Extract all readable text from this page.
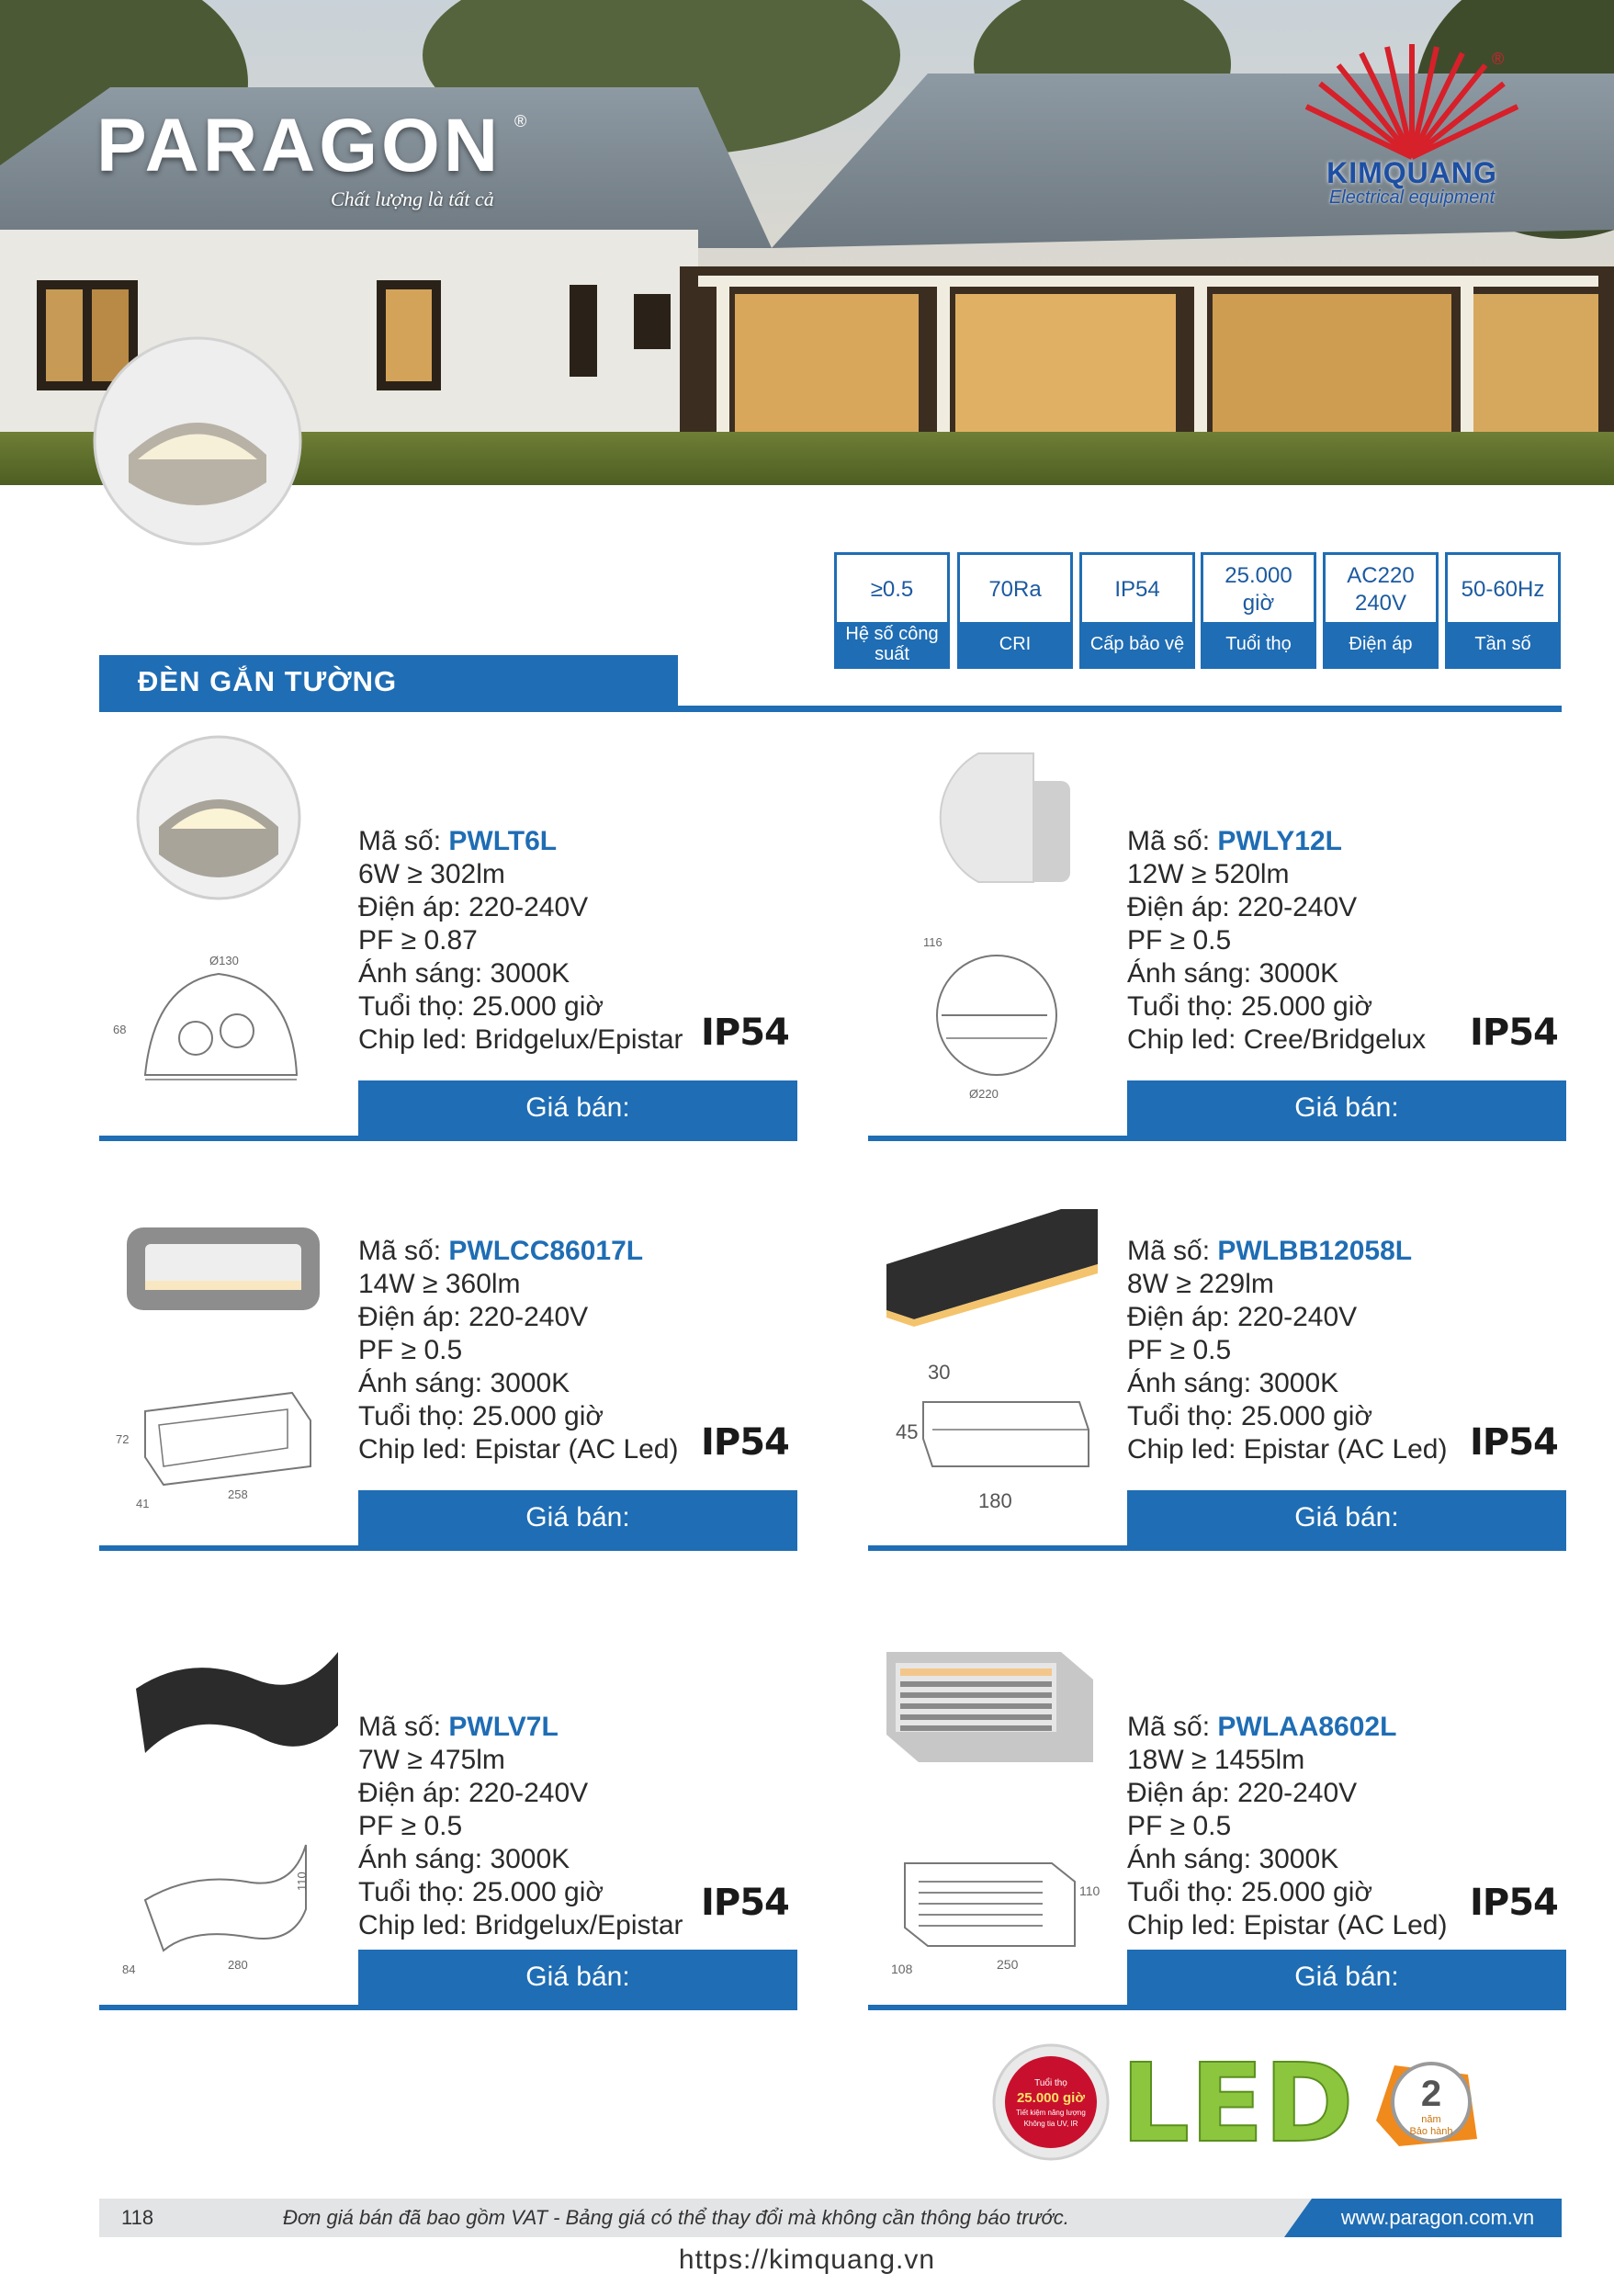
PARAGON ®
Chất lượng là tất cả
®
KIMQUANG
Electrical equipment
≥0.5
Hệ số công suất
70Ra
CRI
IP54
Cấp bảo vệ
25.000 giờ
Tuổi thọ
AC220 240V
Điện áp
50-60Hz
Tần số
ĐÈN GẮN TƯỜNG
Ø130
68
Mã số: PWLT6L
6W ≥ 302lm
Điện áp: 220-240V
PF ≥ 0.87
Ánh sáng: 3000K
Tuổi thọ: 25.000 giờ
Chip led: Bridgelux/Epistar IP54
Giá bán:
116
Ø220
Mã số: PWLY12L
12W ≥ 520lm
Điện áp: 220-240V
PF ≥ 0.5
Ánh sáng: 3000K
Tuổi thọ: 25.000 giờ
Chip led: Cree/Bridgelux IP54
Giá bán:
72
41
258
Mã số: PWLCC86017L
14W ≥ 360lm
Điện áp: 220-240V
PF ≥ 0.5
Ánh sáng: 3000K
Tuổi thọ: 25.000 giờ
Chip led: Epistar (AC Led) IP54
Giá bán:
30
45
180
Mã số: PWLBB12058L
8W ≥ 229lm
Điện áp: 220-240V
PF ≥ 0.5
Ánh sáng: 3000K
Tuổi thọ: 25.000 giờ
Chip led: Epistar (AC Led) IP54
Giá bán:
110
84	280
Mã số: PWLV7L
7W ≥ 475lm
Điện áp: 220-240V
PF ≥ 0.5
Ánh sáng: 3000K
Tuổi thọ: 25.000 giờ
Chip led: Bridgelux/Epistar
IP54
Giá bán:
110
108	250
Mã số: PWLAA8602L
18W ≥ 1455lm
Điện áp: 220-240V
PF ≥ 0.5
Ánh sáng: 3000K
Tuổi thọ: 25.000 giờ
Chip led: Epistar (AC Led)
IP54
Giá bán:
Tuổi thọ
25.000 giờ
Tiết kiệm năng lượng
Không tia UV, IR LED 2
năm
Bảo hành
118	Đơn giá bán đã bao gồm VAT - Bảng giá có thể thay đổi mà không cần thông báo trước.	www.paragon.com.vn
https://kimquang.vn
